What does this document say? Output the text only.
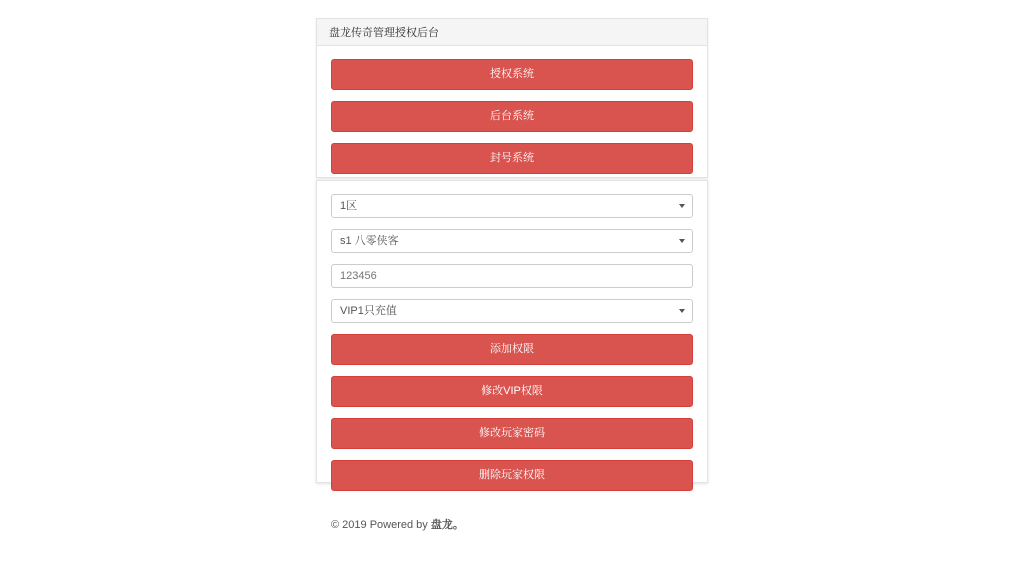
盘龙传奇管理授权后台
授权系统
后台系统
封号系统
1区
s1 八零侠客
123456
VIP1只充值
添加权限
修改VIP权限
修改玩家密码
删除玩家权限
© 2019 Powered by 盘龙。
